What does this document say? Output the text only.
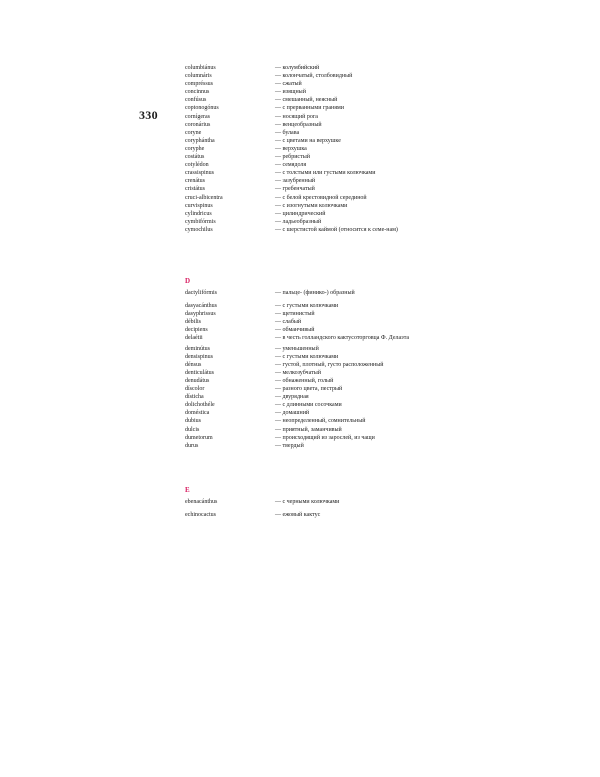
330
columbiánus	— колумбийский
columnáris	— колончатый, столбовидный
compréssus	— сжатый
concinnus	— изящный
confúsus	— смешанный, неясный
coptonogónus	— с прерванными гранями
cornígeras	— носящий рога
coronárius	— венцеобразный
coryne	— булава
coryphántha	— с цветами на верхушке
coryphe	— верхушка
costátus	— ребристый
cotylédon	— семядоля
crassispinus	— с толстыми или густыми колючками
crenátus	— зазубренный
cristátus	— гребенчатый
cruci-albicentra	— с белой крестовидной серединой
curvispinus	— с изогнутыми колючками
cylindricus	— цилиндрический
cymbifórmis	— ладьеобразный
cymochilus	— с шерстистой каймой (относится к семе-нам)
D
dactylifórmis	— пальце- (финико-) образный
dasyacánthus	— с густыми колючками
dasyphrissus	— щетинистый
débilis	— слабый
decipiens	— обманчивый
delaétii	— в честь голландского кактусоторговца Ф. Делаэта
deminútus	— уменьшенный
densispinus	— с густыми колючками
dénsus	— густой, плотный, густо расположенный
denticulátus	— мелкозубчатый
denudátus	— обнаженный, голый
díscolor	— разного цвета, пестрый
dísticha	— двурядная
dolichothéle	— с длинными сосочками
doméstica	— домашний
dubius	— неопределенный, сомнительный
dulcis	— приятный, заманчивый
dumetorum	— происходящий из зарослей, из чащи
durus	— твердый
E
ebenacánthus	— с черными колючками
echinocactus	— ежовый кактус
